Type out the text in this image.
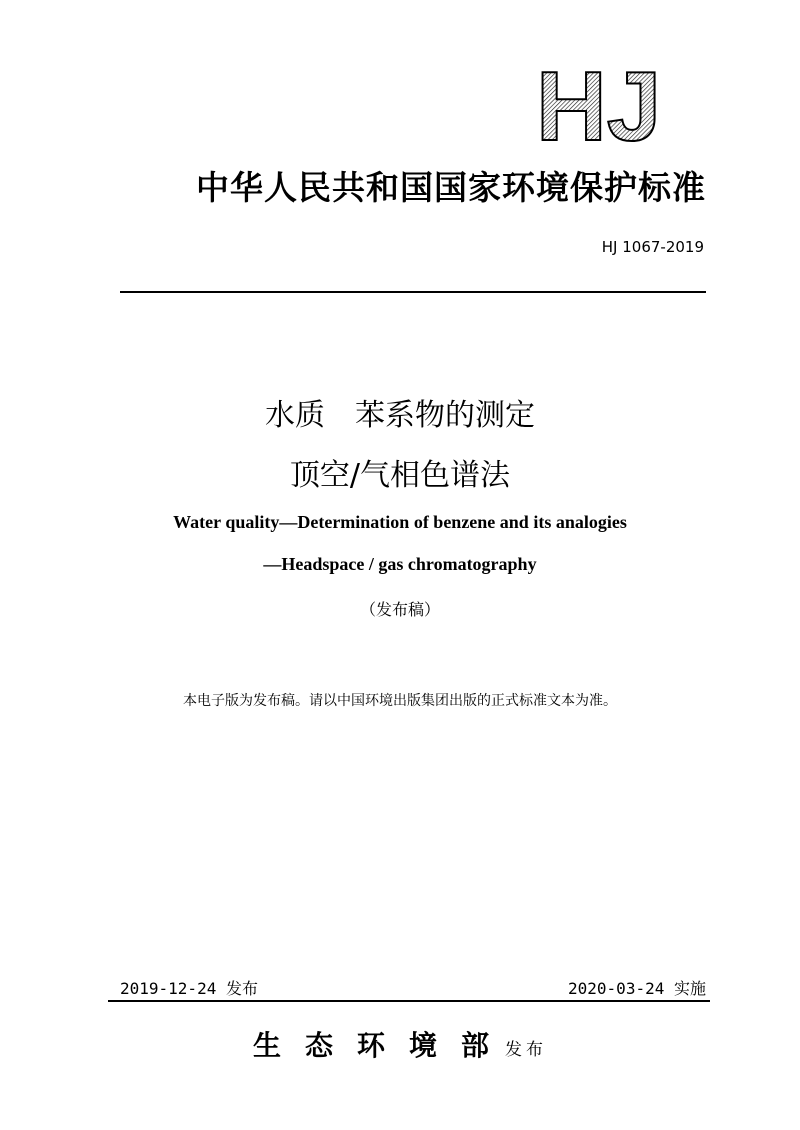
HJ
中华人民共和国国家环境保护标准
HJ 1067-2019
水质　苯系物的测定
顶空/气相色谱法
Water quality—Determination of benzene and its analogies
—Headspace / gas chromatography
（发布稿）
本电子版为发布稿。请以中国环境出版集团出版的正式标准文本为准。
2019-12-24 发布	2020-03-24 实施
生态环境部发布
